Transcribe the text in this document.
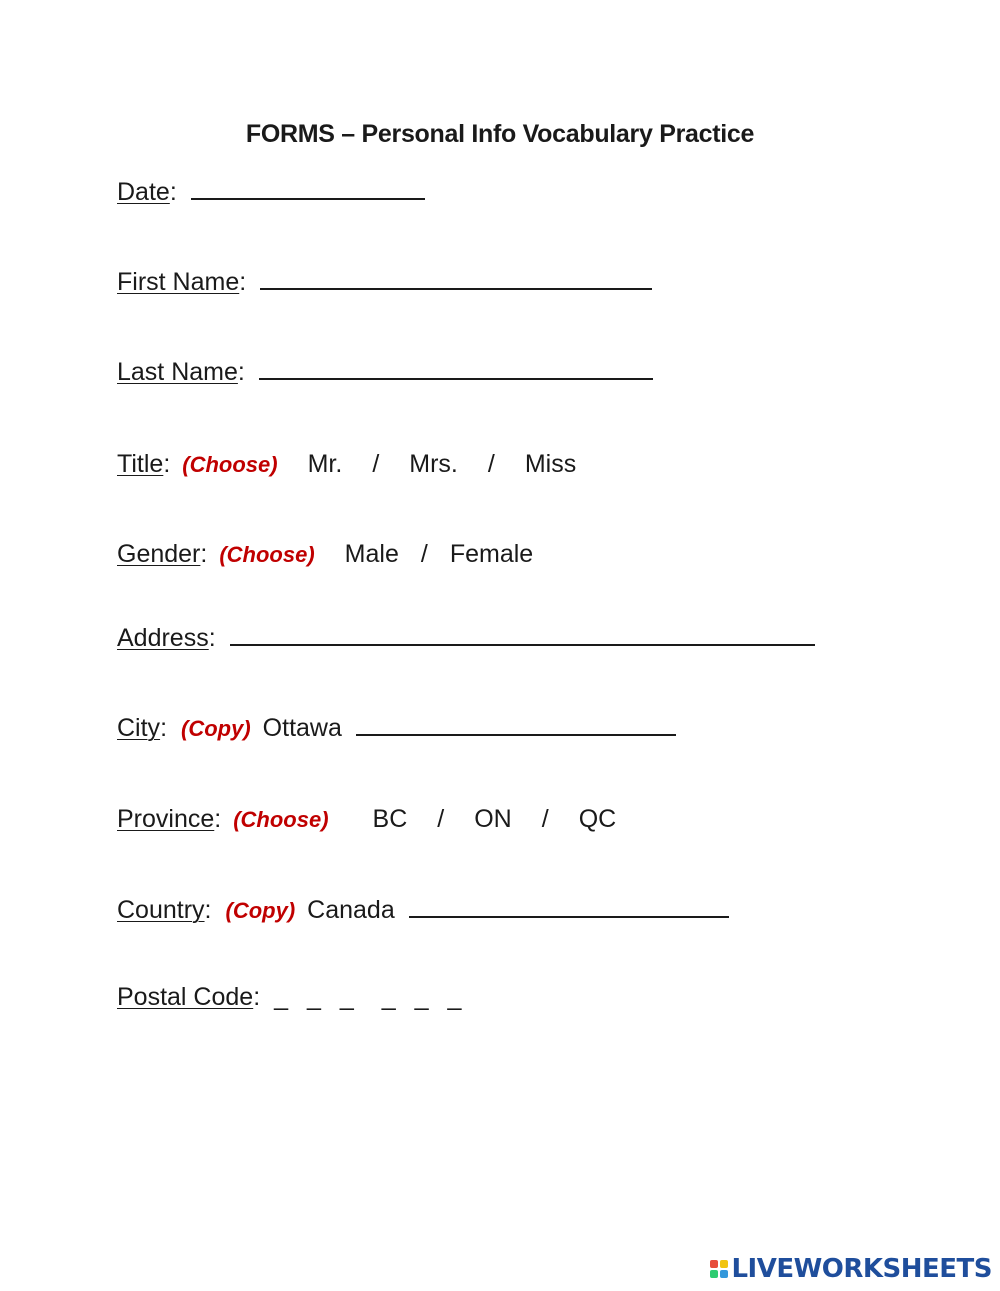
FORMS – Personal Info Vocabulary Practice
Date:
First Name:
Last Name:
Title: (Choose) Mr. / Mrs. / Miss
Gender: (Choose) Male / Female
Address:
City: (Copy) Ottawa
Province: (Choose) BC / ON / QC
Country: (Copy) Canada
Postal Code: _ _ _ _ _ _
LIVEWORKSHEETS
